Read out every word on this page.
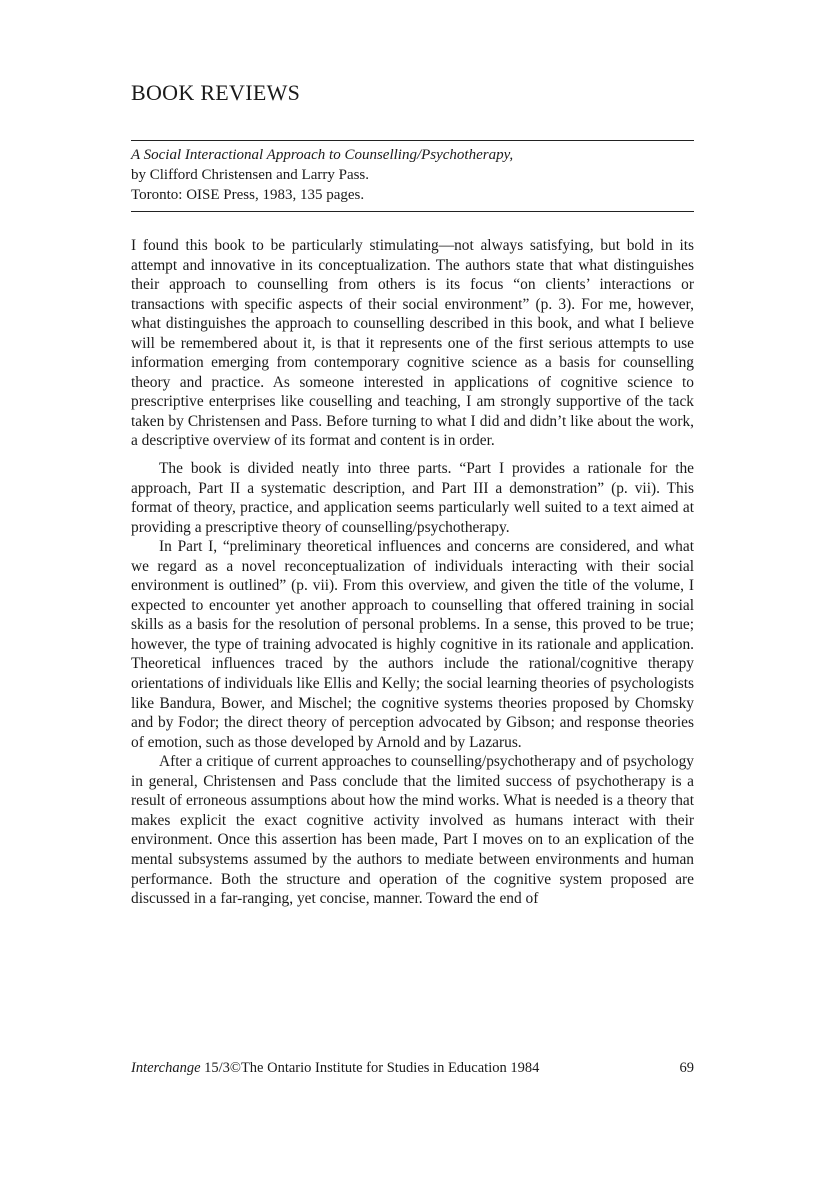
BOOK REVIEWS
A Social Interactional Approach to Counselling/Psychotherapy,
by Clifford Christensen and Larry Pass.
Toronto: OISE Press, 1983, 135 pages.

I found this book to be particularly stimulating—not always satisfying, but bold in its attempt and innovative in its conceptualization. The authors state that what distinguishes their approach to counselling from others is its focus “on clients’ interactions or transactions with specific aspects of their social environment” (p. 3). For me, however, what distinguishes the approach to counselling described in this book, and what I believe will be remembered about it, is that it represents one of the first serious attempts to use information emerging from contemporary cognitive science as a basis for counselling theory and practice. As someone interested in applications of cognitive science to prescriptive enterprises like couselling and teaching, I am strongly supportive of the tack taken by Christensen and Pass. Before turning to what I did and didn’t like about the work, a descriptive overview of its format and content is in order.

The book is divided neatly into three parts. “Part I provides a rationale for the approach, Part II a systematic description, and Part III a demonstration” (p. vii). This format of theory, practice, and application seems particularly well suited to a text aimed at providing a prescriptive theory of counselling/psychotherapy.

In Part I, “preliminary theoretical influences and concerns are considered, and what we regard as a novel reconceptualization of individuals interacting with their social environment is outlined” (p. vii). From this overview, and given the title of the volume, I expected to encounter yet another approach to counselling that offered training in social skills as a basis for the resolution of personal problems. In a sense, this proved to be true; however, the type of training advocated is highly cognitive in its rationale and application. Theoretical influences traced by the authors include the rational/cognitive therapy orientations of individuals like Ellis and Kelly; the social learning theories of psychologists like Bandura, Bower, and Mischel; the cognitive systems theories proposed by Chomsky and by Fodor; the direct theory of perception advocated by Gibson; and response theories of emotion, such as those developed by Arnold and by Lazarus.

After a critique of current approaches to counselling/psychotherapy and of psychology in general, Christensen and Pass conclude that the limited success of psychotherapy is a result of erroneous assumptions about how the mind works. What is needed is a theory that makes explicit the exact cognitive activity involved as humans interact with their environment. Once this assertion has been made, Part I moves on to an explication of the mental subsystems assumed by the authors to mediate between environments and human performance. Both the structure and operation of the cognitive system proposed are discussed in a far-ranging, yet concise, manner. Toward the end of

Interchange 15/3©The Ontario Institute for Studies in Education 1984	69
